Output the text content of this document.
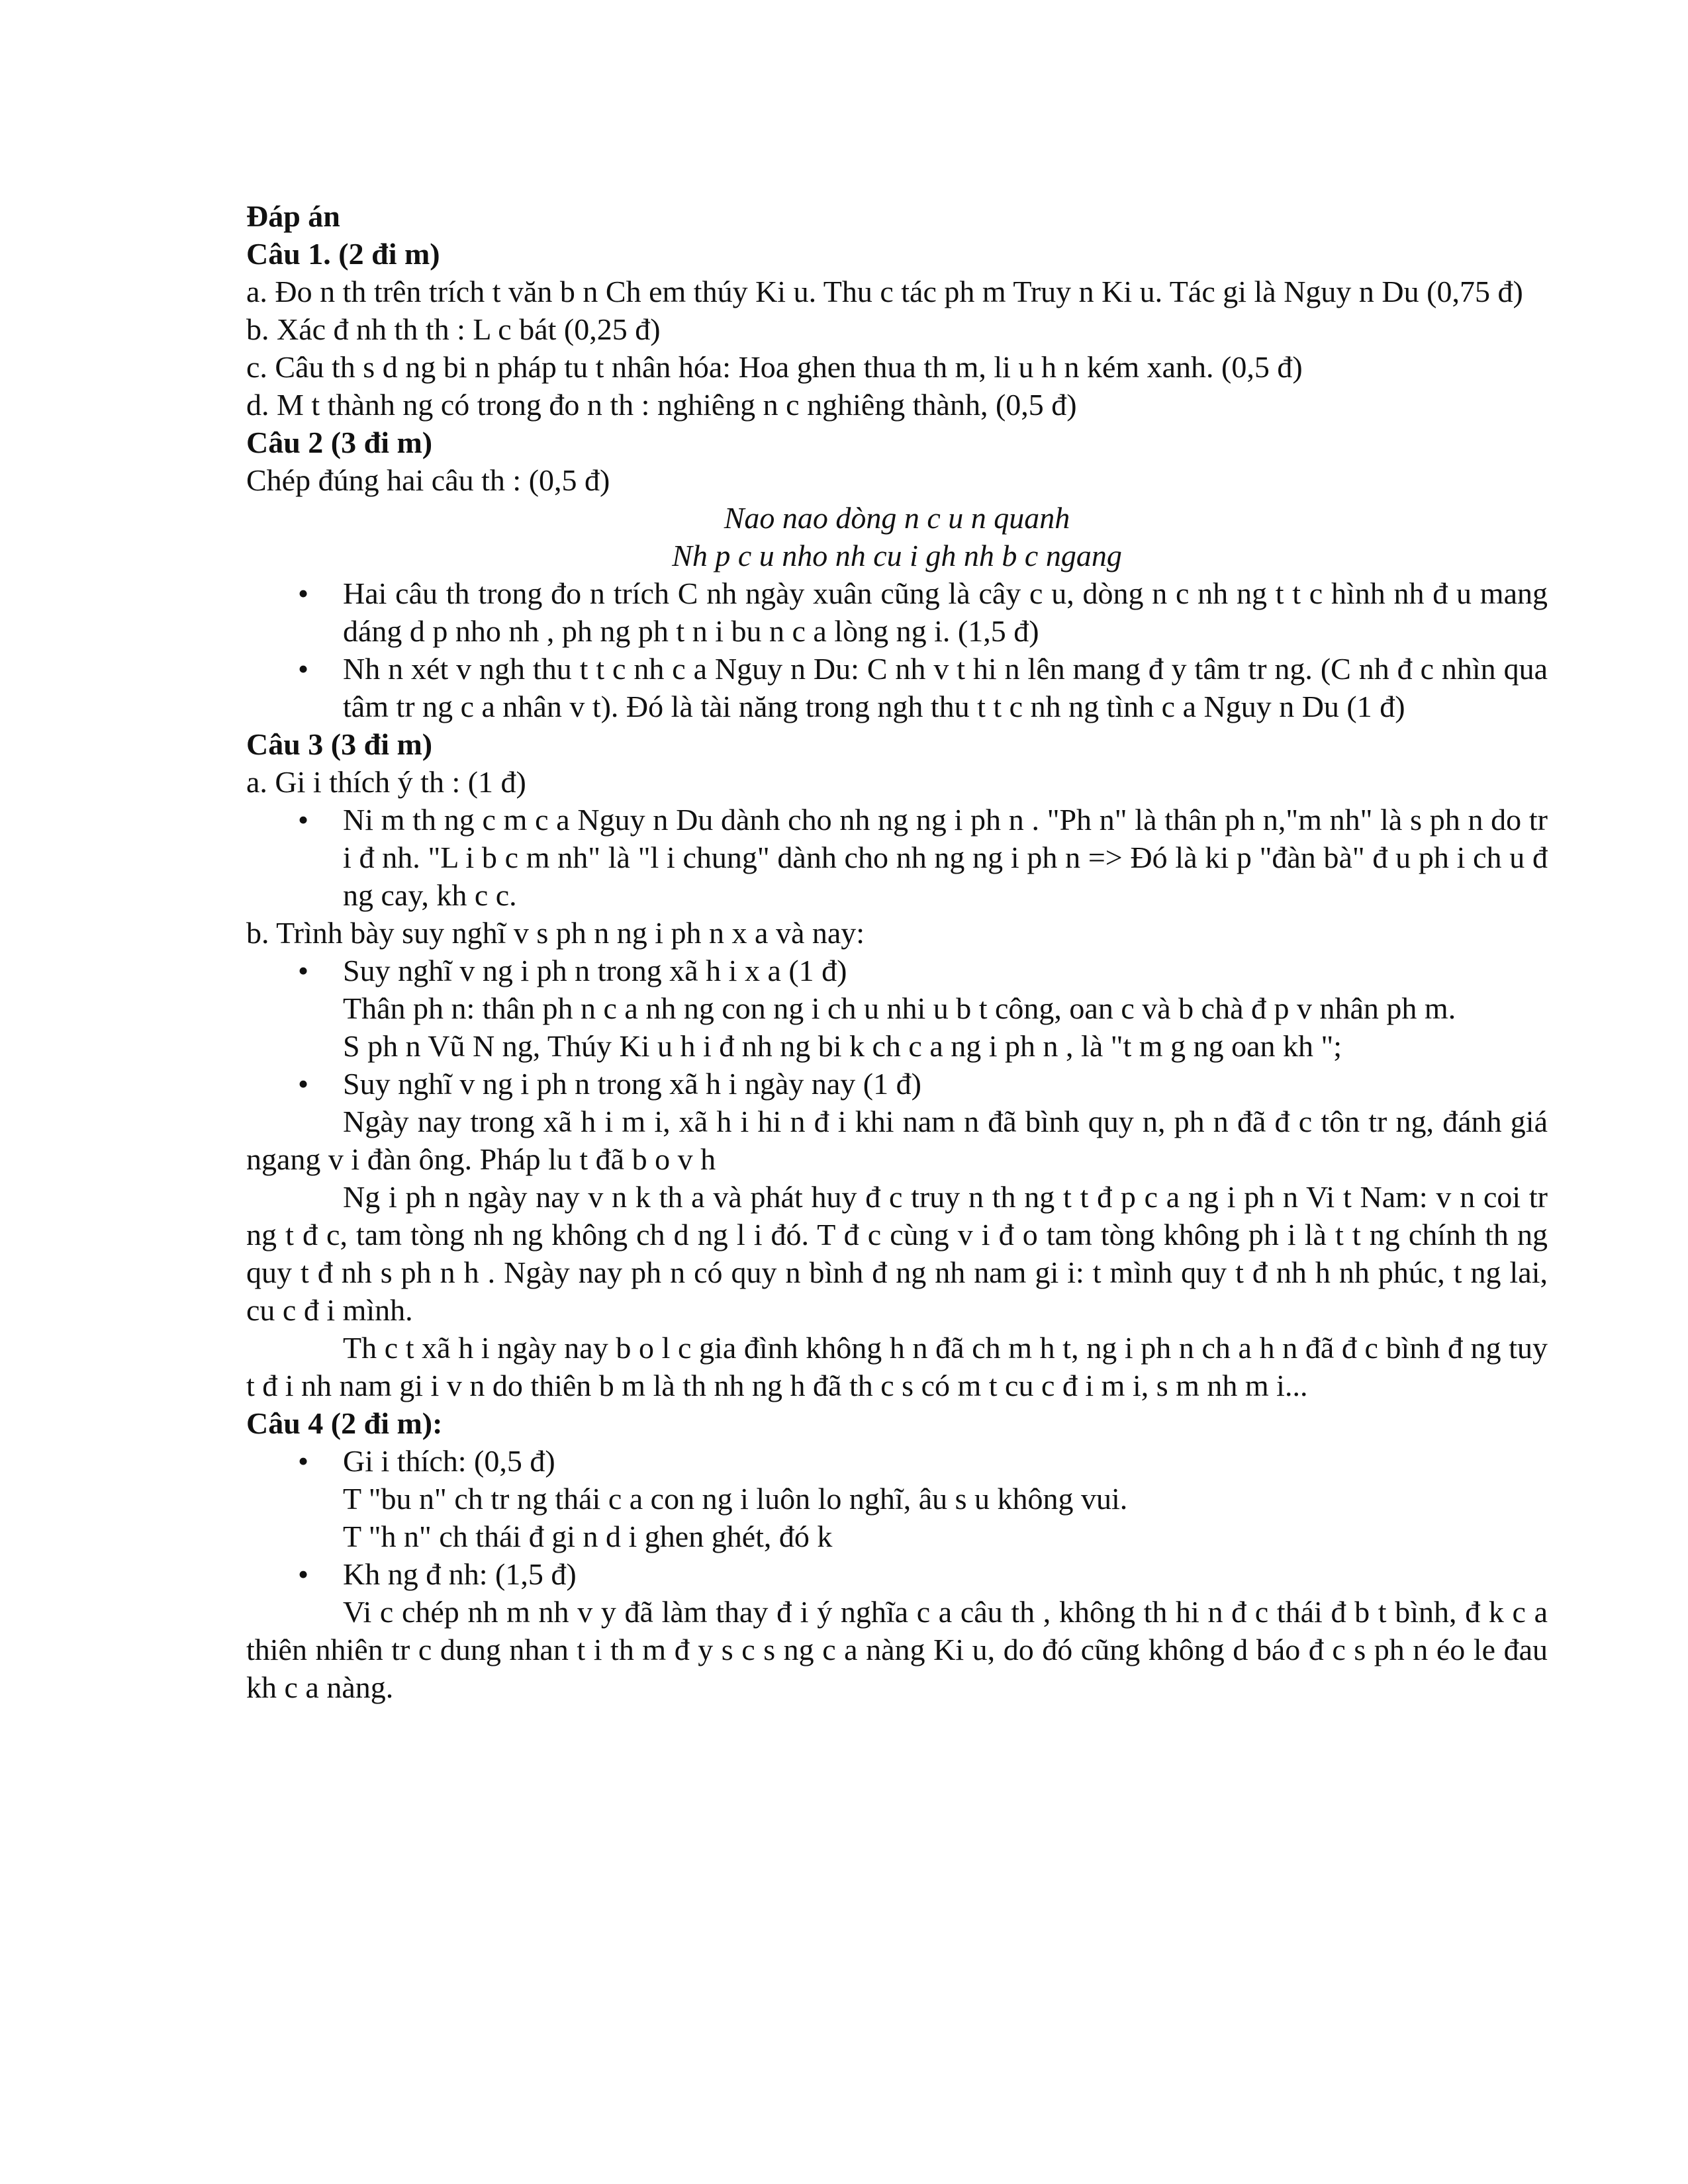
Đáp án

Câu 1. (2 đi m)

a. Đo n th trên trích t văn b n Ch em thúy Ki u. Thu c tác ph m Truy n Ki u. Tác gi là Nguy n Du (0,75 đ)

b. Xác đ nh th th : L c bát (0,25 đ)

c. Câu th s d ng bi n pháp tu t nhân hóa: Hoa ghen thua th m, li u h n kém xanh. (0,5 đ)

d. M t thành ng có trong đo n th : nghiêng n c nghiêng thành, (0,5 đ)

Câu 2 (3 đi m)

Chép đúng hai câu th : (0,5 đ)

Nao nao dòng n c u n quanh

Nh p c u nho nh cu i gh nh b c ngang

• Hai câu th trong đo n trích C nh ngày xuân cũng là cây c u, dòng n c nh ng t t c hình nh đ u mang dáng d p nho nh , ph ng ph t n i bu n c a lòng ng i. (1,5 đ)

• Nh n xét v ngh thu t t c nh c a Nguy n Du: C nh v t hi n lên mang đ y tâm tr ng. (C nh đ c nhìn qua tâm tr ng c a nhân v t). Đó là tài năng trong ngh thu t t c nh ng tình c a Nguy n Du (1 đ)

Câu 3 (3 đi m)

a. Gi i thích ý th : (1 đ)

• Ni m th ng c m c a Nguy n Du dành cho nh ng ng i ph n . "Ph n" là thân ph n,"m nh" là s ph n do tr i đ nh. "L i b c m nh" là "l i chung" dành cho nh ng ng i ph n => Đó là ki p "đàn bà" đ u ph i ch u đ ng cay, kh c c.

b. Trình bày suy nghĩ v s ph n ng i ph n x a và nay:

• Suy nghĩ v ng i ph n trong xã h i x a (1 đ)

Thân ph n: thân ph n c a nh ng con ng i ch u nhi u b t công, oan c và b chà đ p v nhân ph m.

S ph n Vũ N ng, Thúy Ki u h i đ nh ng bi k ch c a ng i ph n , là "t m g ng oan kh ";

• Suy nghĩ v ng i ph n trong xã h i ngày nay (1 đ)

Ngày nay trong xã h i m i, xã h i hi n đ i khi nam n đã bình quy n, ph n đã đ c tôn tr ng, đánh giá ngang v i đàn ông. Pháp lu t đã b o v h

Ng i ph n ngày nay v n k th a và phát huy đ c truy n th ng t t đ p c a ng i ph n Vi t Nam: v n coi tr ng t đ c, tam tòng nh ng không ch d ng l i đó. T đ c cùng v i đ o tam tòng không ph i là t t ng chính th ng quy t đ nh s ph n h . Ngày nay ph n có quy n bình đ ng nh nam gi i: t mình quy t đ nh h nh phúc, t ng lai, cu c đ i mình.

Th c t xã h i ngày nay b o l c gia đình không h n đã ch m h t, ng i ph n ch a h n đã đ c bình đ ng tuy t đ i nh nam gi i v n do thiên b m là th nh ng h đã th c s có m t cu c đ i m i, s m nh m i...

Câu 4 (2 đi m):

• Gi i thích: (0,5 đ)

T "bu n" ch tr ng thái c a con ng i luôn lo nghĩ, âu s u không vui.

T "h n" ch thái đ gi n d i ghen ghét, đó k

• Kh ng đ nh: (1,5 đ)

Vi c chép nh m nh v y đã làm thay đ i ý nghĩa c a câu th , không th hi n đ c thái đ b t bình, đ k c a thiên nhiên tr c dung nhan t i th m đ y s c s ng c a nàng Ki u, do đó cũng không d báo đ c s ph n éo le đau kh c a nàng.
